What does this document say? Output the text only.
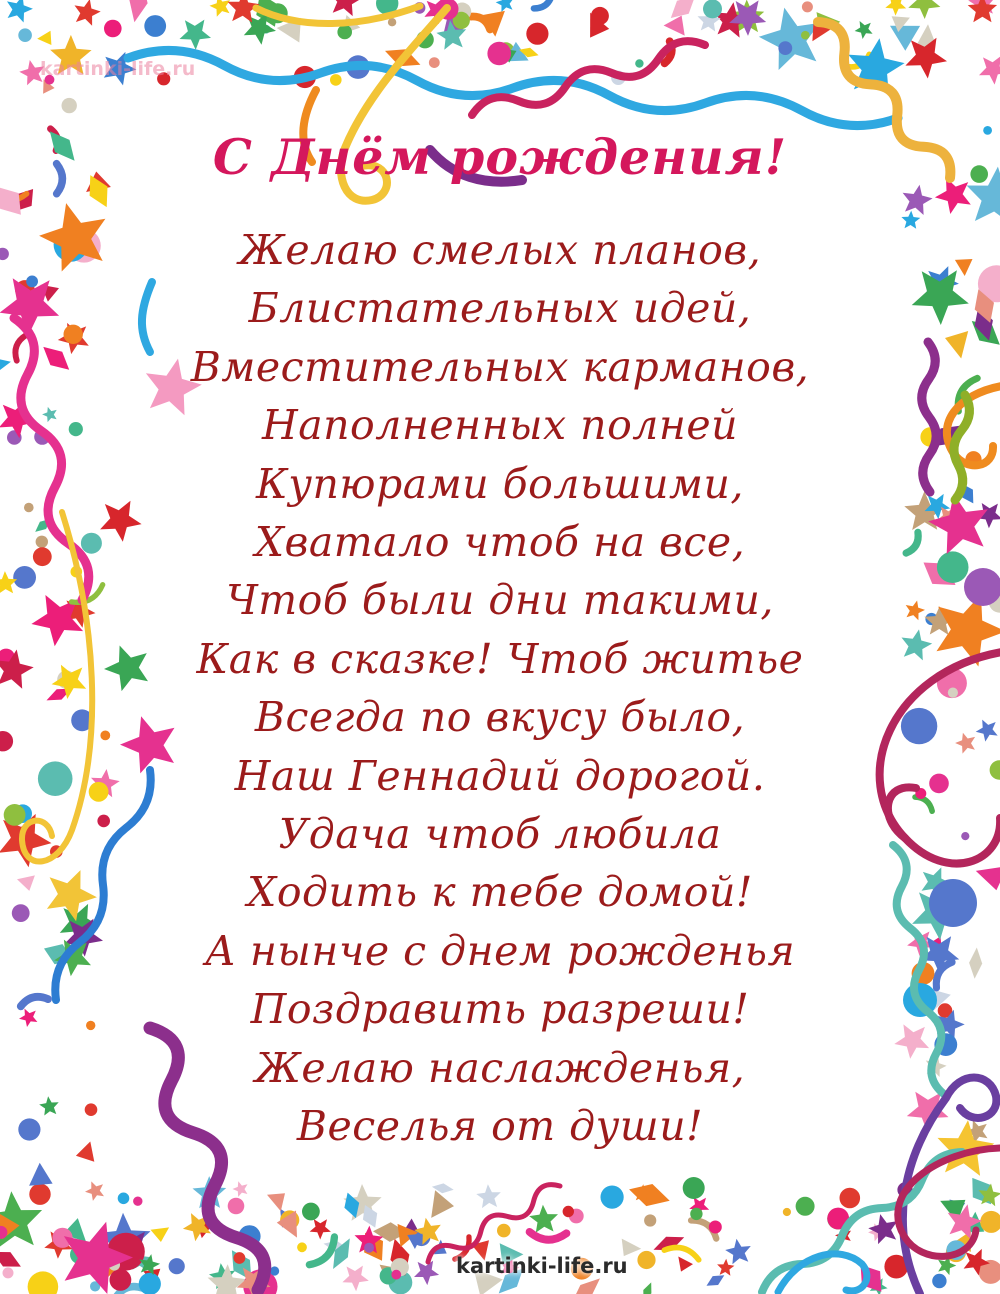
kartinki-life.ru
С Днём рождения!
Желаю смелых планов,
Блистательных идей,
Вместительных карманов,
Наполненных полней
Купюрами большими,
Хватало чтоб на все,
Чтоб были дни такими,
Как в сказке! Чтоб житье
Всегда по вкусу было,
Наш Геннадий дорогой.
Удача чтоб любила
Ходить к тебе домой!
А нынче с днем рожденья
Поздравить разреши!
Желаю наслажденья,
Веселья от души!
kartinki-life.ru
